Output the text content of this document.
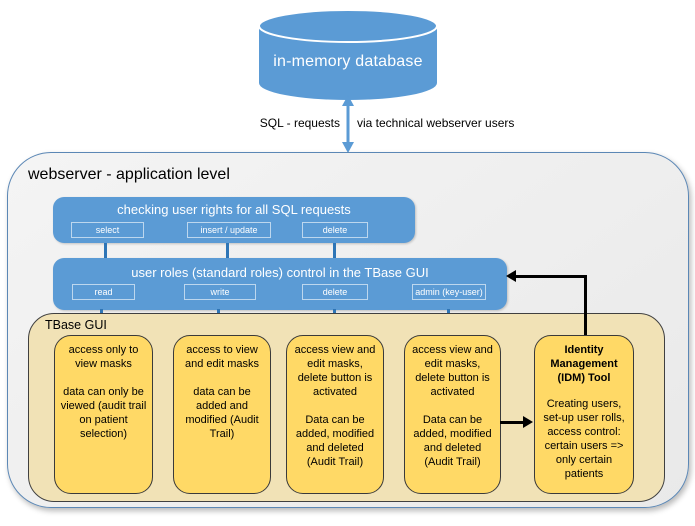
in-memory database
SQL - requests via technical webserver users
webserver - application level
checking user rights for all SQL requests
select	insert / update	delete
user roles (standard roles) control in the TBase GUI
read	write	delete	admin (key-user)
TBase GUI
access only to view masks
data can only be viewed (audit trail on patient selection)
access to view and edit masks
data can be added and modified (Audit Trail)
access view and edit masks, delete button is activated
Data can be added, modified and deleted (Audit Trail)
access view and edit masks, delete button is activated
Data can be added, modified and deleted (Audit Trail)
Identity Management (IDM) Tool
Creating users, set-up user rolls, access control: certain users => only certain patients
